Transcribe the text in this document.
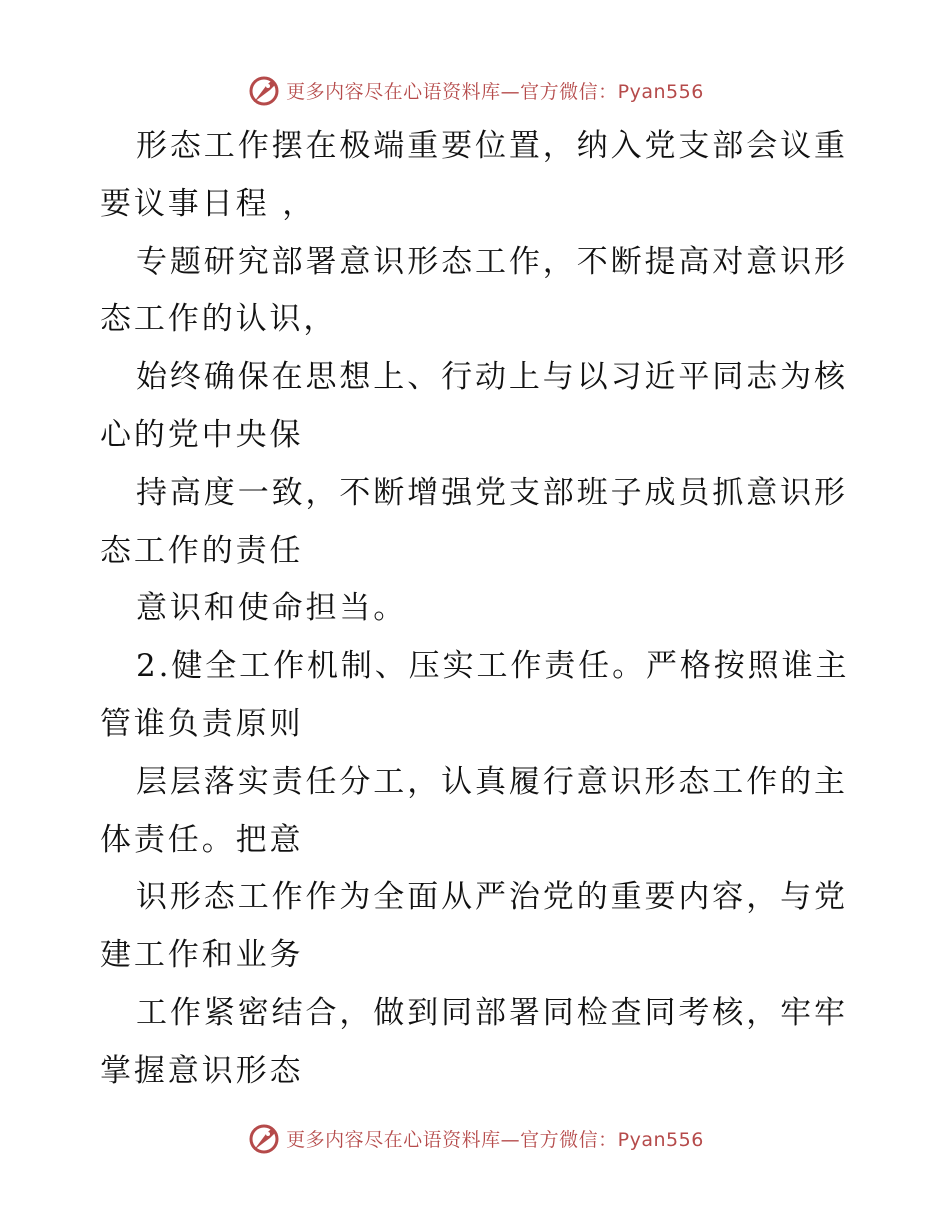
更多内容尽在心语资料库—官方微信：Pyan556
形态工作摆在极端重要位置，纳入党支部会议重
要议事日程 ，
专题研究部署意识形态工作，不断提高对意识形
态工作的认识，
始终确保在思想上、行动上与以习近平同志为核
心的党中央保
持高度一致，不断增强党支部班子成员抓意识形
态工作的责任
意识和使命担当。
2.健全工作机制、压实工作责任。严格按照谁主
管谁负责原则
层层落实责任分工，认真履行意识形态工作的主
体责任。把意
识形态工作作为全面从严治党的重要内容，与党
建工作和业务
工作紧密结合，做到同部署同检查同考核，牢牢
掌握意识形态
更多内容尽在心语资料库—官方微信：Pyan556
